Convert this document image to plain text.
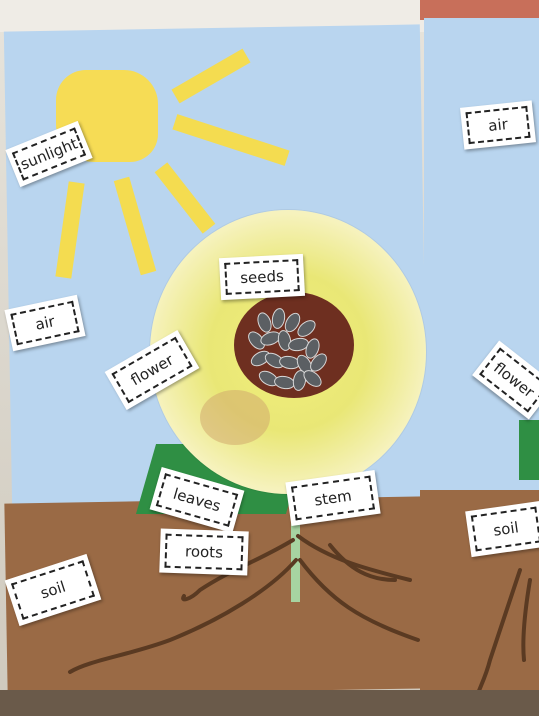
sunlight
air
air
seeds
flower	flower
leaves	stem
roots
soil
soil
